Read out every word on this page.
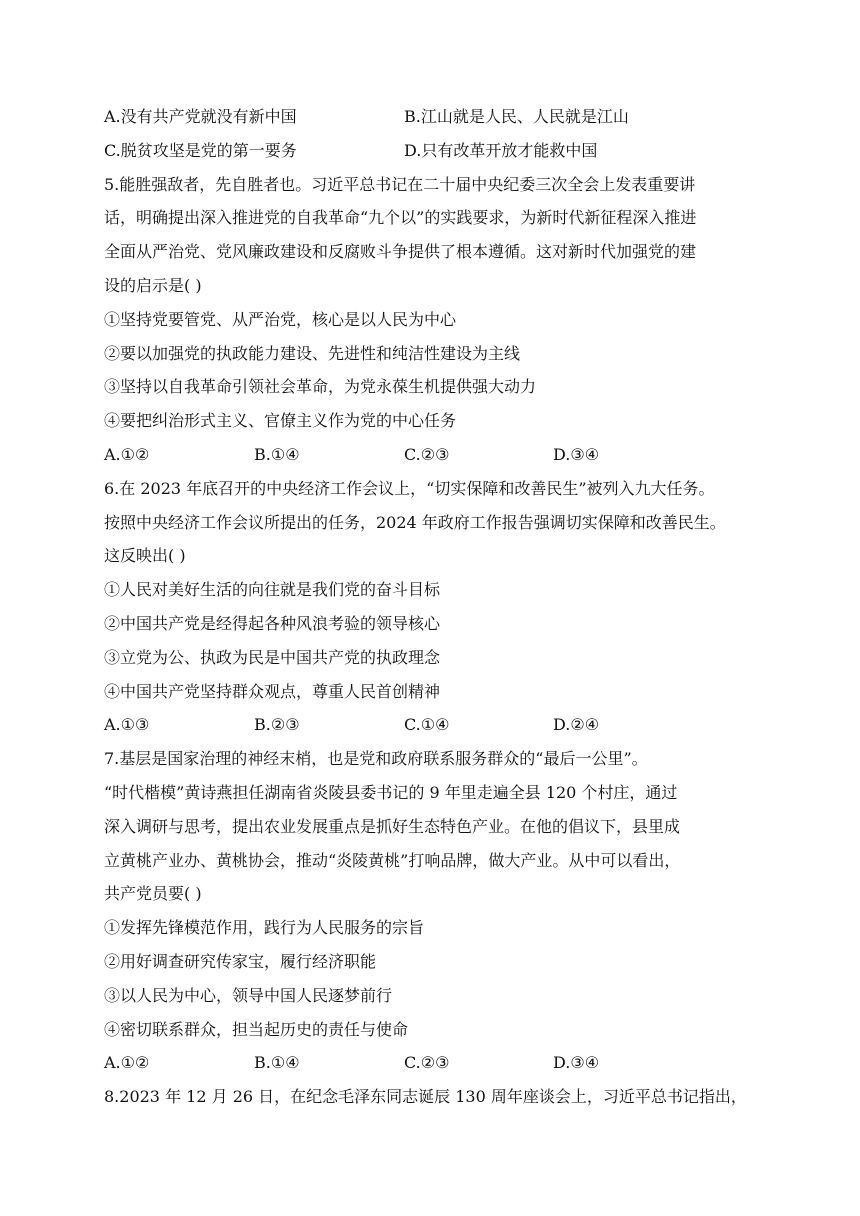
A.没有共产党就没有新中国	B.江山就是人民、人民就是江山
C.脱贫攻坚是党的第一要务	D.只有改革开放才能救中国
5.能胜强敌者，先自胜者也。习近平总书记在二十届中央纪委三次全会上发表重要讲
话，明确提出深入推进党的自我革命“九个以”的实践要求，为新时代新征程深入推进
全面从严治党、党风廉政建设和反腐败斗争提供了根本遵循。这对新时代加强党的建
设的启示是( )
①坚持党要管党、从严治党，核心是以人民为中心
②要以加强党的执政能力建设、先进性和纯洁性建设为主线
③坚持以自我革命引领社会革命，为党永葆生机提供强大动力
④要把纠治形式主义、官僚主义作为党的中心任务
A.①②	B.①④	C.②③	D.③④
6.在 2023 年底召开的中央经济工作会议上，“切实保障和改善民生”被列入九大任务。
按照中央经济工作会议所提出的任务，2024 年政府工作报告强调切实保障和改善民生。
这反映出( )
①人民对美好生活的向往就是我们党的奋斗目标
②中国共产党是经得起各种风浪考验的领导核心
③立党为公、执政为民是中国共产党的执政理念
④中国共产党坚持群众观点，尊重人民首创精神
A.①③	B.②③	C.①④	D.②④
7.基层是国家治理的神经末梢，也是党和政府联系服务群众的“最后一公里”。
“时代楷模”黄诗燕担任湖南省炎陵县委书记的 9 年里走遍全县 120 个村庄，通过
深入调研与思考，提出农业发展重点是抓好生态特色产业。在他的倡议下，县里成
立黄桃产业办、黄桃协会，推动“炎陵黄桃”打响品牌，做大产业。从中可以看出，
共产党员要( )
①发挥先锋模范作用，践行为人民服务的宗旨
②用好调查研究传家宝，履行经济职能
③以人民为中心，领导中国人民逐梦前行
④密切联系群众，担当起历史的责任与使命
A.①②	B.①④	C.②③	D.③④
8.2023 年 12 月 26 日，在纪念毛泽东同志诞辰 130 周年座谈会上，习近平总书记指出，
